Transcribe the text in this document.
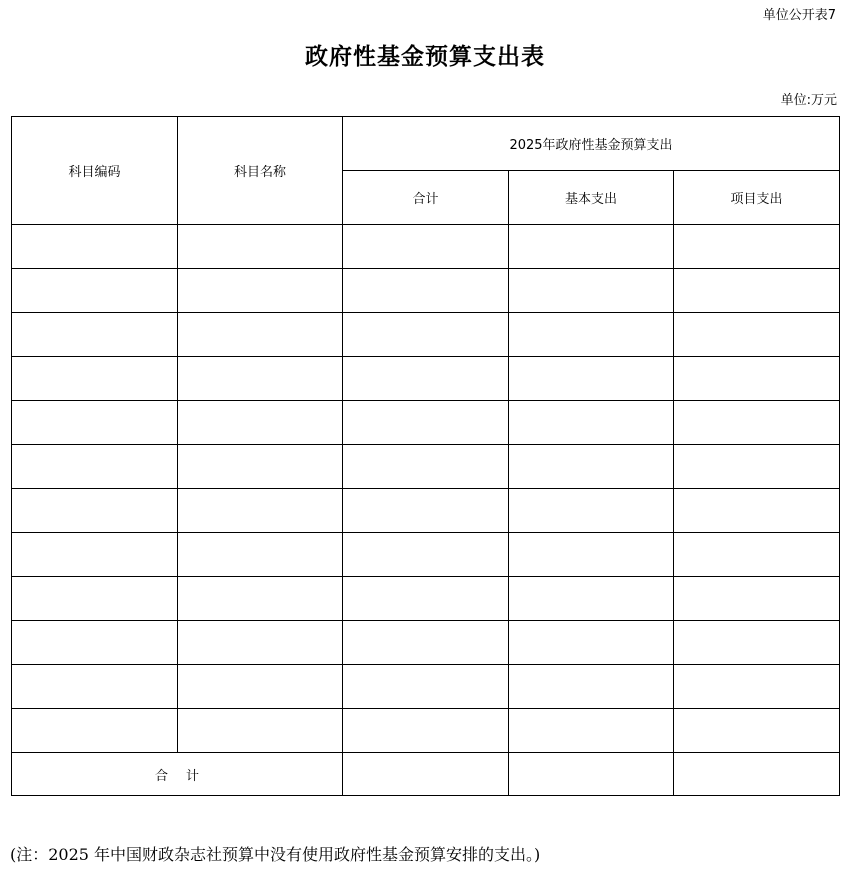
单位公开表7
政府性基金预算支出表
单位:万元
科目编码	科目名称	2025年政府性基金预算支出		
		合计	基本支出	项目支出

合 计				
(注：2025 年中国财政杂志社预算中没有使用政府性基金预算安排的支出。)
